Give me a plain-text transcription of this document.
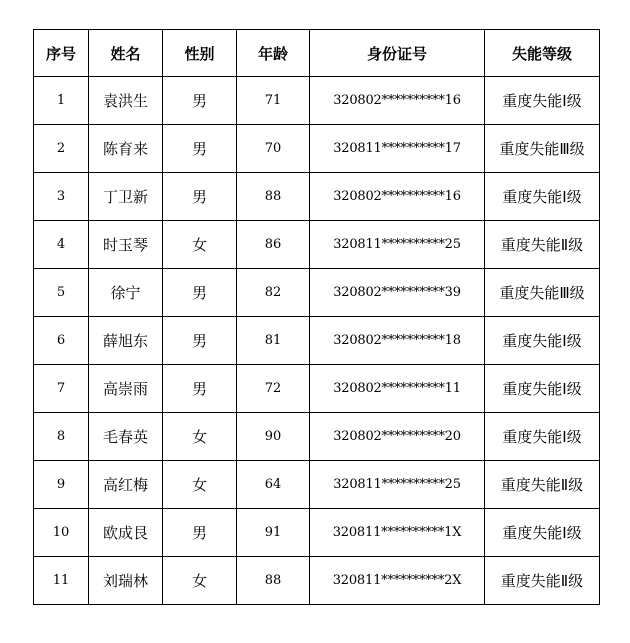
序号	姓名	性别	年龄	身份证号	失能等级
1	袁洪生	男	71	320802**********16	重度失能Ⅰ级
2	陈育来	男	70	320811**********17	重度失能Ⅲ级
3	丁卫新	男	88	320802**********16	重度失能Ⅰ级
4	时玉琴	女	86	320811**********25	重度失能Ⅱ级
5	徐宁	男	82	320802**********39	重度失能Ⅲ级
6	薛旭东	男	81	320802**********18	重度失能Ⅰ级
7	高崇雨	男	72	320802**********11	重度失能Ⅰ级
8	毛春英	女	90	320802**********20	重度失能Ⅰ级
9	高红梅	女	64	320811**********25	重度失能Ⅱ级
10	欧成艮	男	91	320811**********1X	重度失能Ⅰ级
11	刘瑞林	女	88	320811**********2X	重度失能Ⅱ级
